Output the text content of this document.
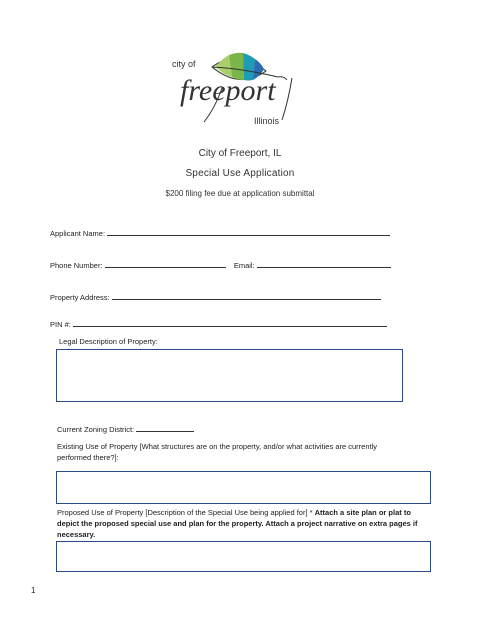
city of
freeport
Illinois
City of Freeport, IL
Special Use Application
$200 filing fee due at application submittal
Applicant Name:
Phone Number:	Email:
Property Address:
PIN #:
Legal Description of Property:
Current Zoning District:
Existing Use of Property [What structures are on the property, and/or what activities are currently performed there?]:
Proposed Use of Property [Description of the Special Use being applied for] * Attach a site plan or plat to depict the proposed special use and plan for the property. Attach a project narrative on extra pages if necessary.
1
